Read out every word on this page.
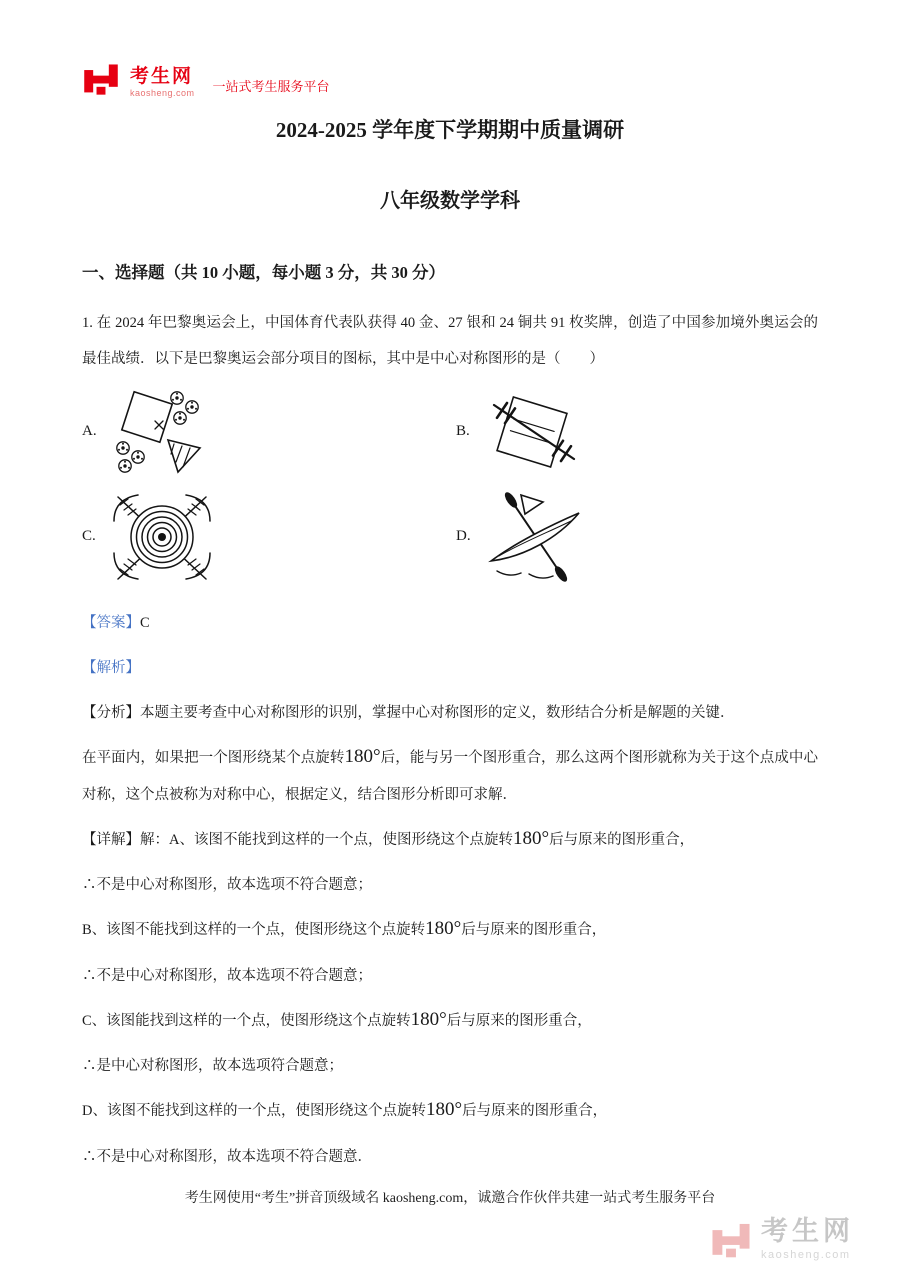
考生网
kaosheng.com 一站式考生服务平台
2024-2025 学年度下学期期中质量调研
八年级数学学科
一、选择题（共 10 小题，每小题 3 分，共 30 分）

1. 在 2024 年巴黎奥运会上，中国体育代表队获得 40 金、27 银和 24 铜共 91 枚奖牌，创造了中国参加境外奥运会的最佳战绩．以下是巴黎奥运会部分项目的图标，其中是中心对称图形的是（　　）

A.	B.
C.	D.

【答案】C

【解析】

【分析】本题主要考查中心对称图形的识别，掌握中心对称图形的定义，数形结合分析是解题的关键．

在平面内，如果把一个图形绕某个点旋转180°后，能与另一个图形重合，那么这两个图形就称为关于这个点成中心对称，这个点被称为对称中心，根据定义，结合图形分析即可求解．

【详解】解：A、该图不能找到这样的一个点，使图形绕这个点旋转180°后与原来的图形重合，

∴不是中心对称图形，故本选项不符合题意；

B、该图不能找到这样的一个点，使图形绕这个点旋转180°后与原来的图形重合，

∴不是中心对称图形，故本选项不符合题意；

C、该图能找到这样的一个点，使图形绕这个点旋转180°后与原来的图形重合，

∴是中心对称图形，故本选项符合题意；

D、该图不能找到这样的一个点，使图形绕这个点旋转180°后与原来的图形重合，

∴不是中心对称图形，故本选项不符合题意．

考生网使用“考生”拼音顶级域名 kaosheng.com，诚邀合作伙伴共建一站式考生服务平台
考生网
kaosheng.com
